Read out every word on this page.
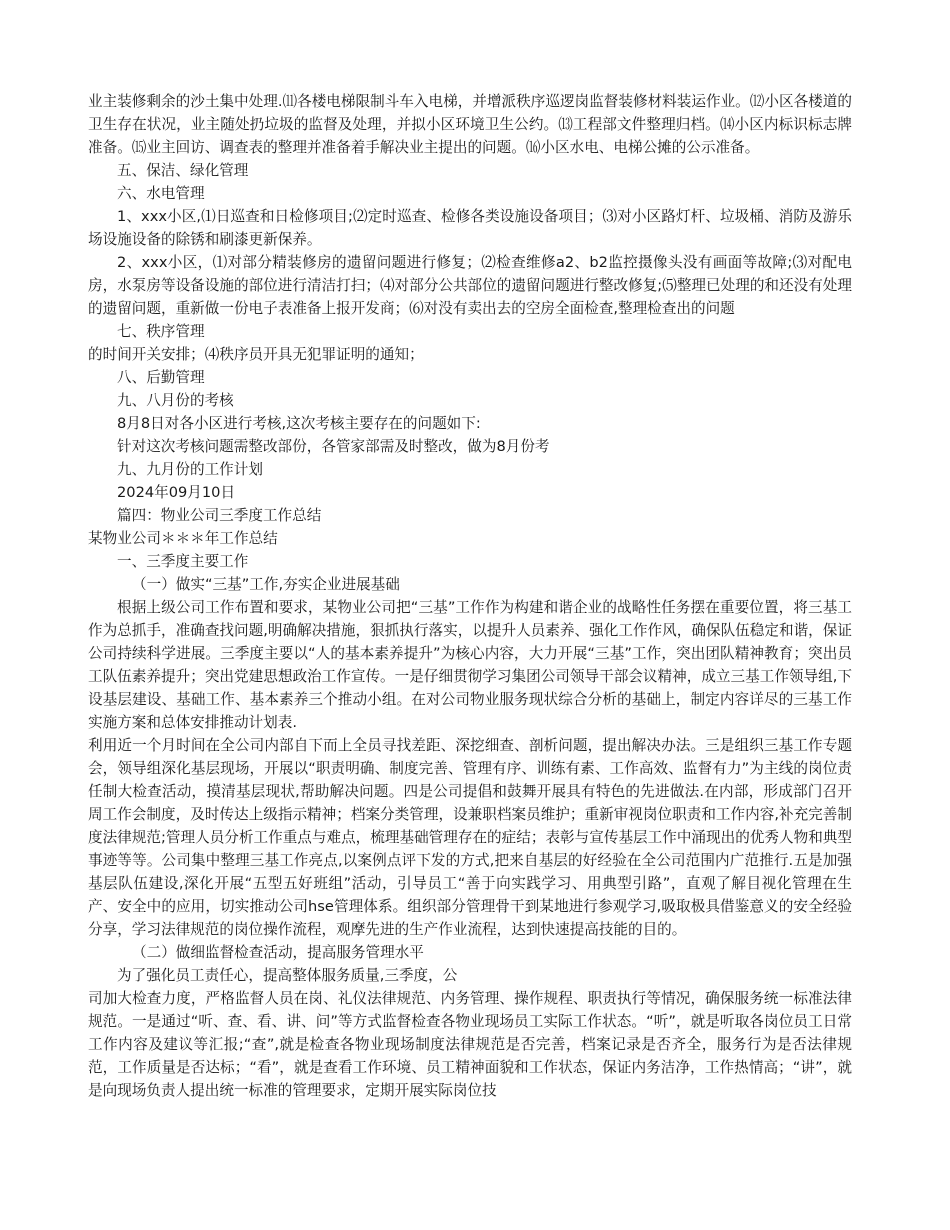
业主装修剩余的沙土集中处理.⑾各楼电梯限制斗车入电梯，并增派秩序巡逻岗监督装修材料装运作业。⑿小区各楼道的卫生存在状况，业主随处扔垃圾的监督及处理，并拟小区环境卫生公约。⒀工程部文件整理归档。⒁小区内标识标志牌准备。⒂业主回访、调查表的整理并准备着手解决业主提出的问题。⒃小区水电、电梯公摊的公示准备。

五、保洁、绿化管理

六、水电管理

1、xxx小区,⑴日巡查和日检修项目;⑵定时巡查、检修各类设施设备项目；⑶对小区路灯杆、垃圾桶、消防及游乐场设施设备的除锈和刷漆更新保养。

2、xxx小区，⑴对部分精装修房的遗留问题进行修复；⑵检查维修a2、b2监控摄像头没有画面等故障;⑶对配电房，水泵房等设备设施的部位进行清洁打扫；⑷对部分公共部位的遗留问题进行整改修复;⑸整理已处理的和还没有处理的遗留问题，重新做一份电子表准备上报开发商；⑹对没有卖出去的空房全面检查,整理检查出的问题

七、秩序管理

的时间开关安排；⑷秩序员开具无犯罪证明的通知；

八、后勤管理

九、八月份的考核

8月8日对各小区进行考核,这次考核主要存在的问题如下:

针对这次考核问题需整改部份，各管家部需及时整改，做为8月份考

九、九月份的工作计划

2024年09月10日

篇四：物业公司三季度工作总结

某物业公司＊＊＊年工作总结

一、三季度主要工作

（一）做实“三基”工作,夯实企业进展基础

根据上级公司工作布置和要求，某物业公司把“三基”工作作为构建和谐企业的战略性任务摆在重要位置，将三基工作为总抓手，准确查找问题,明确解决措施，狠抓执行落实，以提升人员素养、强化工作作风，确保队伍稳定和谐，保证公司持续科学进展。三季度主要以“人的基本素养提升”为核心内容，大力开展“三基”工作，突出团队精神教育；突出员工队伍素养提升；突出党建思想政治工作宣传。一是仔细贯彻学习集团公司领导干部会议精神，成立三基工作领导组,下设基层建设、基础工作、基本素养三个推动小组。在对公司物业服务现状综合分析的基础上，制定内容详尽的三基工作实施方案和总体安排推动计划表.

利用近一个月时间在全公司内部自下而上全员寻找差距、深挖细查、剖析问题，提出解决办法。三是组织三基工作专题会，领导组深化基层现场，开展以“职责明确、制度完善、管理有序、训练有素、工作高效、监督有力”为主线的岗位责任制大检查活动，摸清基层现状,帮助解决问题。四是公司提倡和鼓舞开展具有特色的先进做法.在内部，形成部门召开周工作会制度，及时传达上级指示精神；档案分类管理，设兼职档案员维护；重新审视岗位职责和工作内容,补充完善制度法律规范;管理人员分析工作重点与难点，梳理基础管理存在的症结；表彰与宣传基层工作中涌现出的优秀人物和典型事迹等等。公司集中整理三基工作亮点,以案例点评下发的方式,把来自基层的好经验在全公司范围内广范推行.五是加强基层队伍建设,深化开展“五型五好班组”活动，引导员工“善于向实践学习、用典型引路”，直观了解目视化管理在生产、安全中的应用，切实推动公司hse管理体系。组织部分管理骨干到某地进行参观学习,吸取极具借鉴意义的安全经验分享，学习法律规范的岗位操作流程，观摩先进的生产作业流程，达到快速提高技能的目的。

（二）做细监督检查活动，提高服务管理水平

为了强化员工责任心，提高整体服务质量,三季度，公

司加大检查力度，严格监督人员在岗、礼仪法律规范、内务管理、操作规程、职责执行等情况，确保服务统一标准法律规范。一是通过“听、查、看、讲、问”等方式监督检查各物业现场员工实际工作状态。“听”，就是听取各岗位员工日常工作内容及建议等汇报;“查”,就是检查各物业现场制度法律规范是否完善，档案记录是否齐全，服务行为是否法律规范，工作质量是否达标；“看”，就是查看工作环境、员工精神面貌和工作状态，保证内务洁净，工作热情高；“讲”，就是向现场负责人提出统一标准的管理要求，定期开展实际岗位技
